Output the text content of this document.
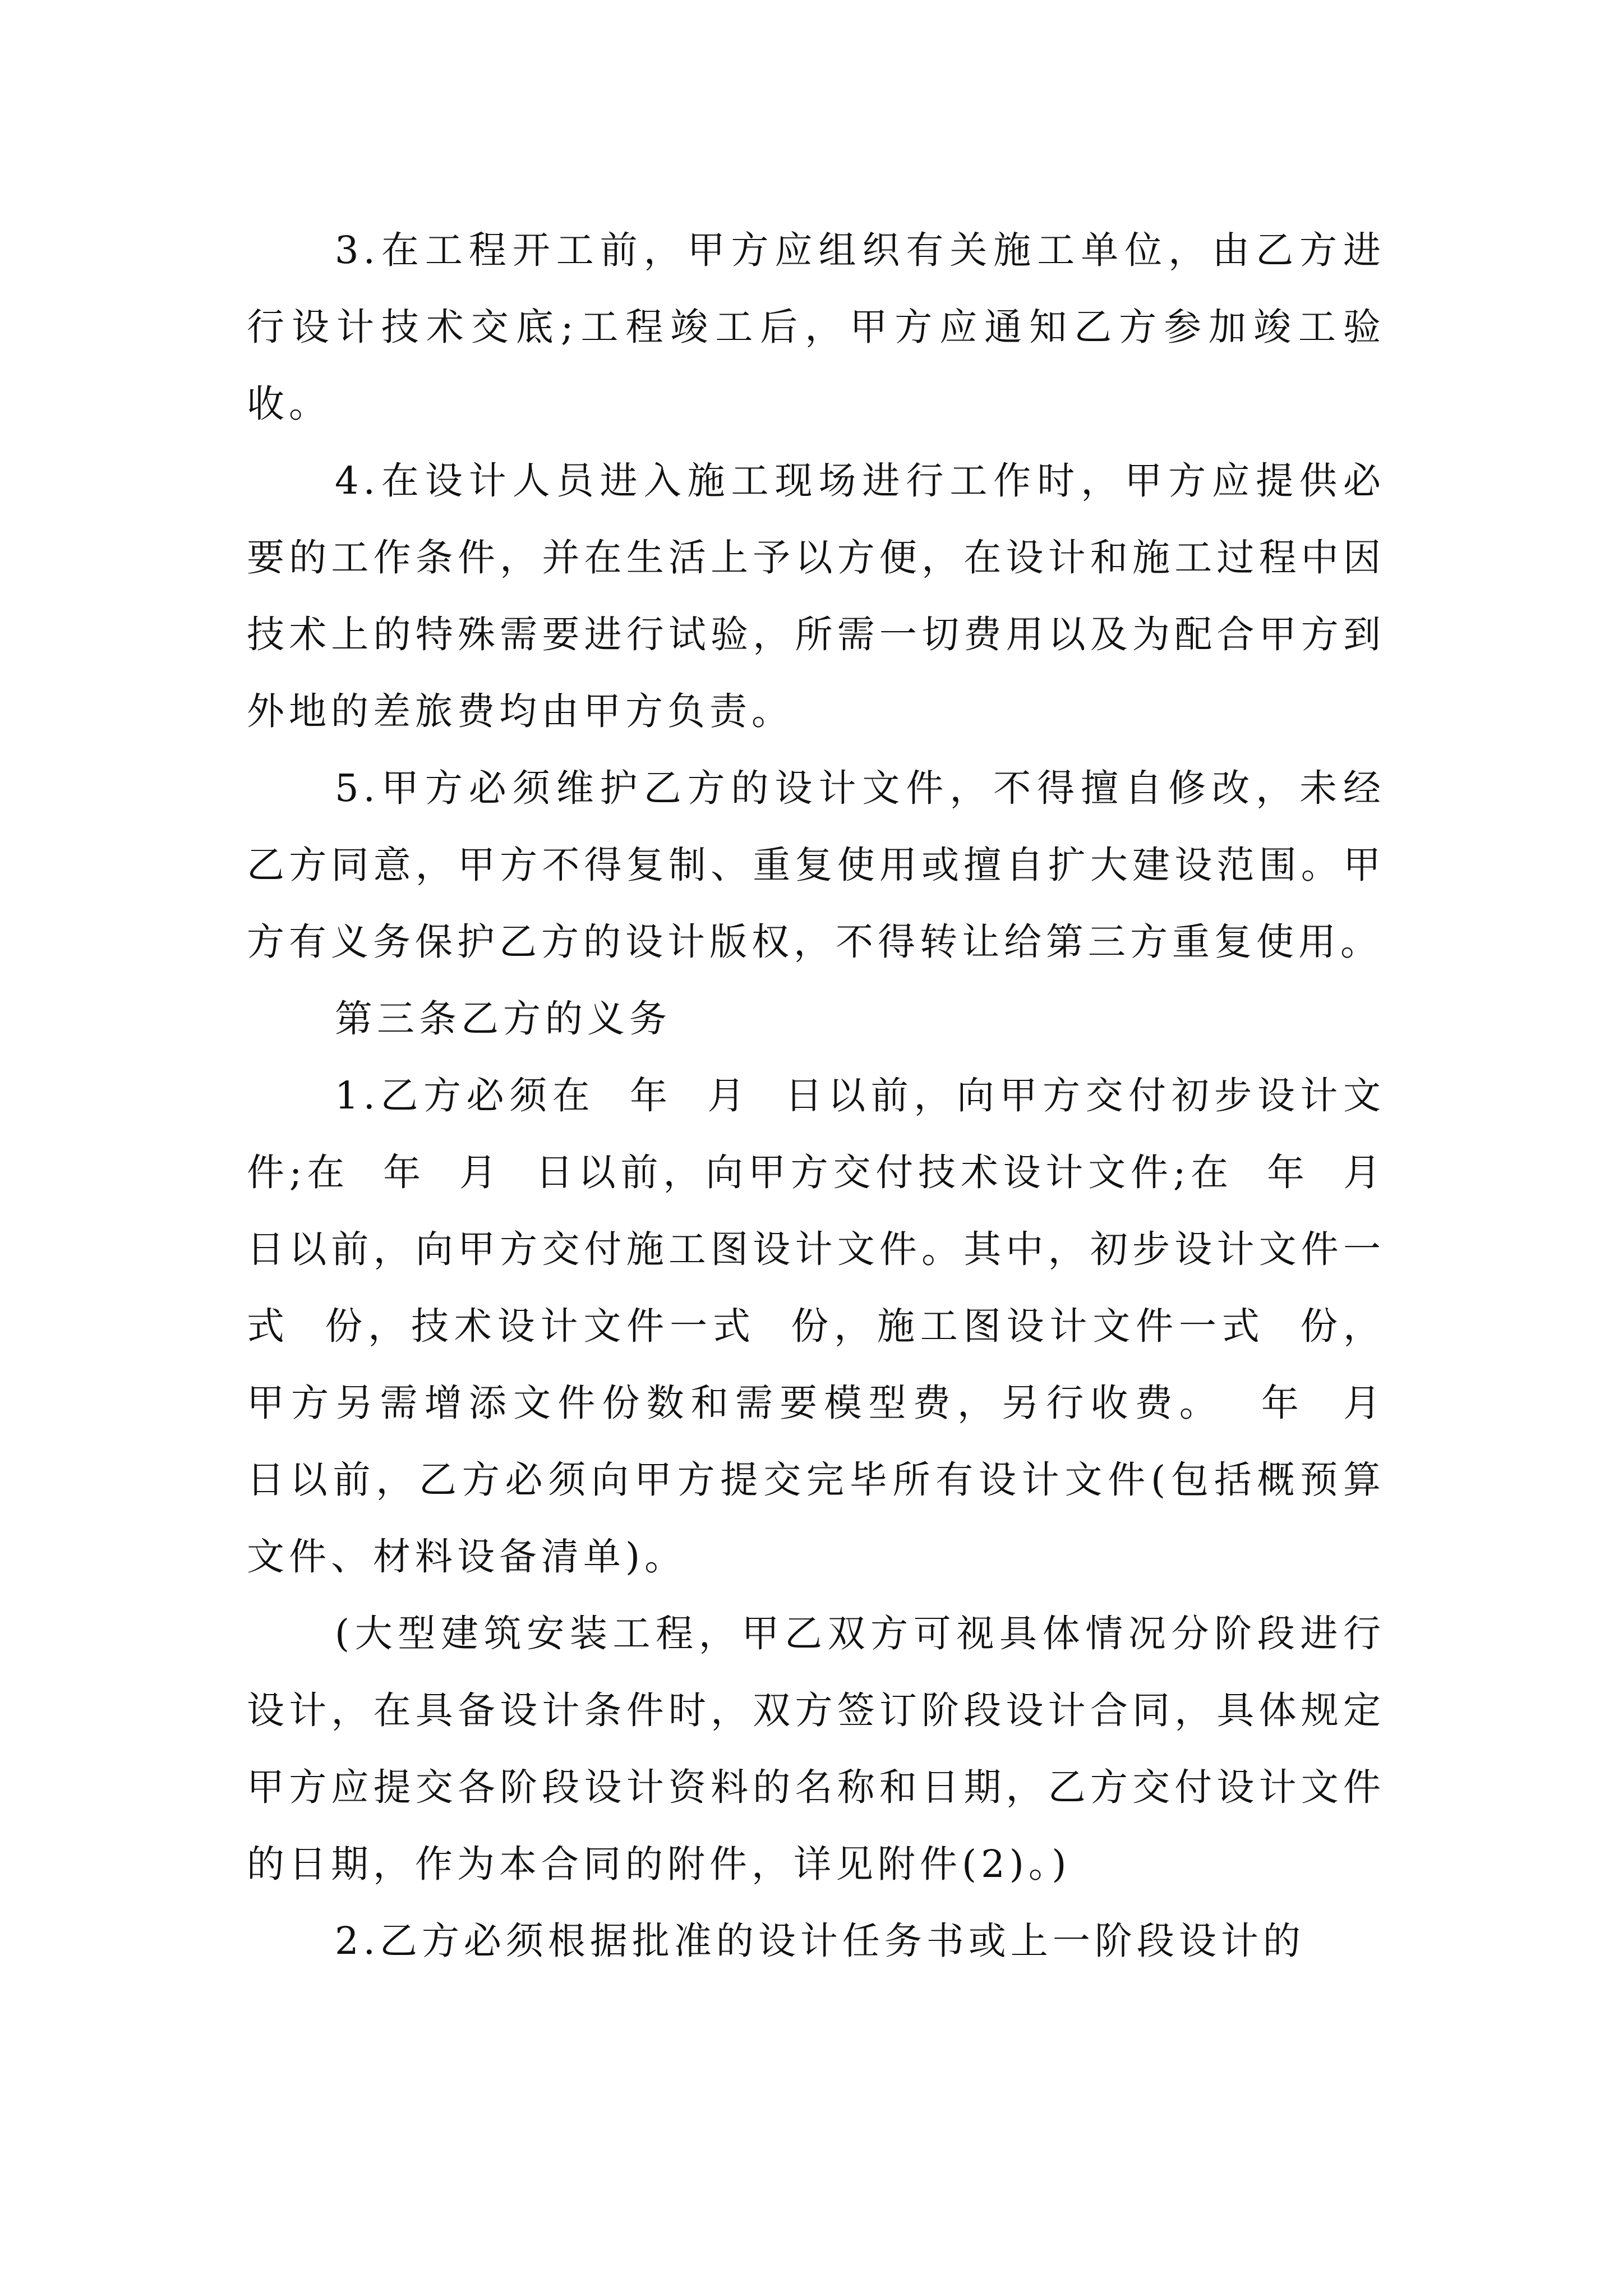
3.在工程开工前，甲方应组织有关施工单位，由乙方进行设计技术交底;工程竣工后，甲方应通知乙方参加竣工验收。

4.在设计人员进入施工现场进行工作时，甲方应提供必要的工作条件，并在生活上予以方便，在设计和施工过程中因技术上的特殊需要进行试验，所需一切费用以及为配合甲方到外地的差旅费均由甲方负责。

5.甲方必须维护乙方的设计文件，不得擅自修改，未经乙方同意，甲方不得复制、重复使用或擅自扩大建设范围。甲方有义务保护乙方的设计版权，不得转让给第三方重复使用。

第三条乙方的义务

1.乙方必须在  年  月  日以前，向甲方交付初步设计文件;在  年  月  日以前，向甲方交付技术设计文件;在  年  月  日以前，向甲方交付施工图设计文件。其中，初步设计文件一式  份，技术设计文件一式  份，施工图设计文件一式  份，甲方另需增添文件份数和需要模型费，另行收费。  年  月  日以前，乙方必须向甲方提交完毕所有设计文件(包括概预算文件、材料设备清单)。

(大型建筑安装工程，甲乙双方可视具体情况分阶段进行设计，在具备设计条件时，双方签订阶段设计合同，具体规定甲方应提交各阶段设计资料的名称和日期，乙方交付设计文件的日期，作为本合同的附件，详见附件(2)。)

2.乙方必须根据批准的设计任务书或上一阶段设计的
